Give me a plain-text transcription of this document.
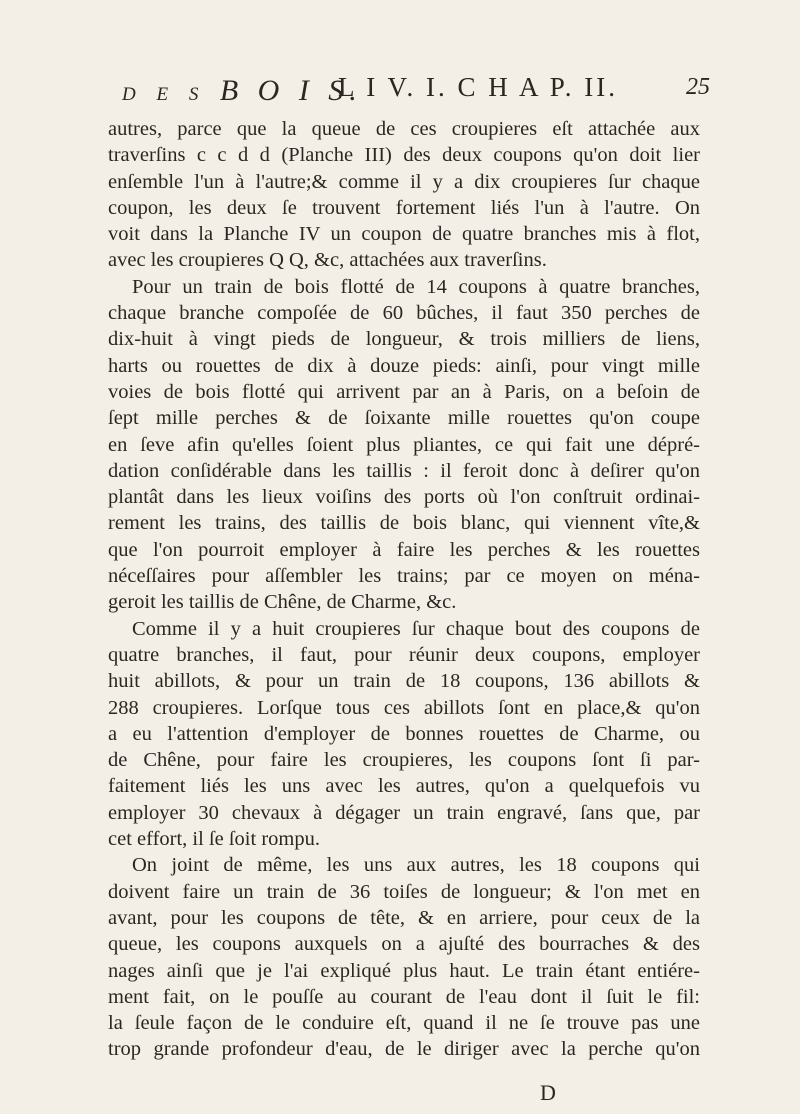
D E S B O I S.
L I V. I. C H A P. II.	25
autres, parce que la queue de ces croupieres eſt attachée aux
traverſins c c d d (Planche III) des deux coupons qu'on doit lier
enſemble l'un à l'autre;& comme il y a dix croupieres ſur chaque
coupon, les deux ſe trouvent fortement liés l'un à l'autre. On
voit dans la Planche IV un coupon de quatre branches mis à flot,
avec les croupieres Q Q, &c, attachées aux traverſins.
Pour un train de bois flotté de 14 coupons à quatre branches,
chaque branche compoſée de 60 bûches, il faut 350 perches de
dix-huit à vingt pieds de longueur, & trois milliers de liens,
harts ou rouettes de dix à douze pieds: ainſi, pour vingt mille
voies de bois flotté qui arrivent par an à Paris, on a beſoin de
ſept mille perches & de ſoixante mille rouettes qu'on coupe
en ſeve afin qu'elles ſoient plus pliantes, ce qui fait une dépré-
dation conſidérable dans les taillis : il feroit donc à deſirer qu'on
plantât dans les lieux voiſins des ports où l'on conſtruit ordinai-
rement les trains, des taillis de bois blanc, qui viennent vîte,&
que l'on pourroit employer à faire les perches & les rouettes
néceſſaires pour aſſembler les trains; par ce moyen on ména-
geroit les taillis de Chêne, de Charme, &c.
Comme il y a huit croupieres ſur chaque bout des coupons de
quatre branches, il faut, pour réunir deux coupons, employer
huit abillots, & pour un train de 18 coupons, 136 abillots &
288 croupieres. Lorſque tous ces abillots ſont en place,& qu'on
a eu l'attention d'employer de bonnes rouettes de Charme, ou
de Chêne, pour faire les croupieres, les coupons ſont ſi par-
faitement liés les uns avec les autres, qu'on a quelquefois vu
employer 30 chevaux à dégager un train engravé, ſans que, par
cet effort, il ſe ſoit rompu.
On joint de même, les uns aux autres, les 18 coupons qui
doivent faire un train de 36 toiſes de longueur; & l'on met en
avant, pour les coupons de tête, & en arriere, pour ceux de la
queue, les coupons auxquels on a ajuſté des bourraches & des
nages ainſi que je l'ai expliqué plus haut. Le train étant entiére-
ment fait, on le pouſſe au courant de l'eau dont il ſuit le fil:
la ſeule façon de le conduire eſt, quand il ne ſe trouve pas une
trop grande profondeur d'eau, de le diriger avec la perche qu'on
D
